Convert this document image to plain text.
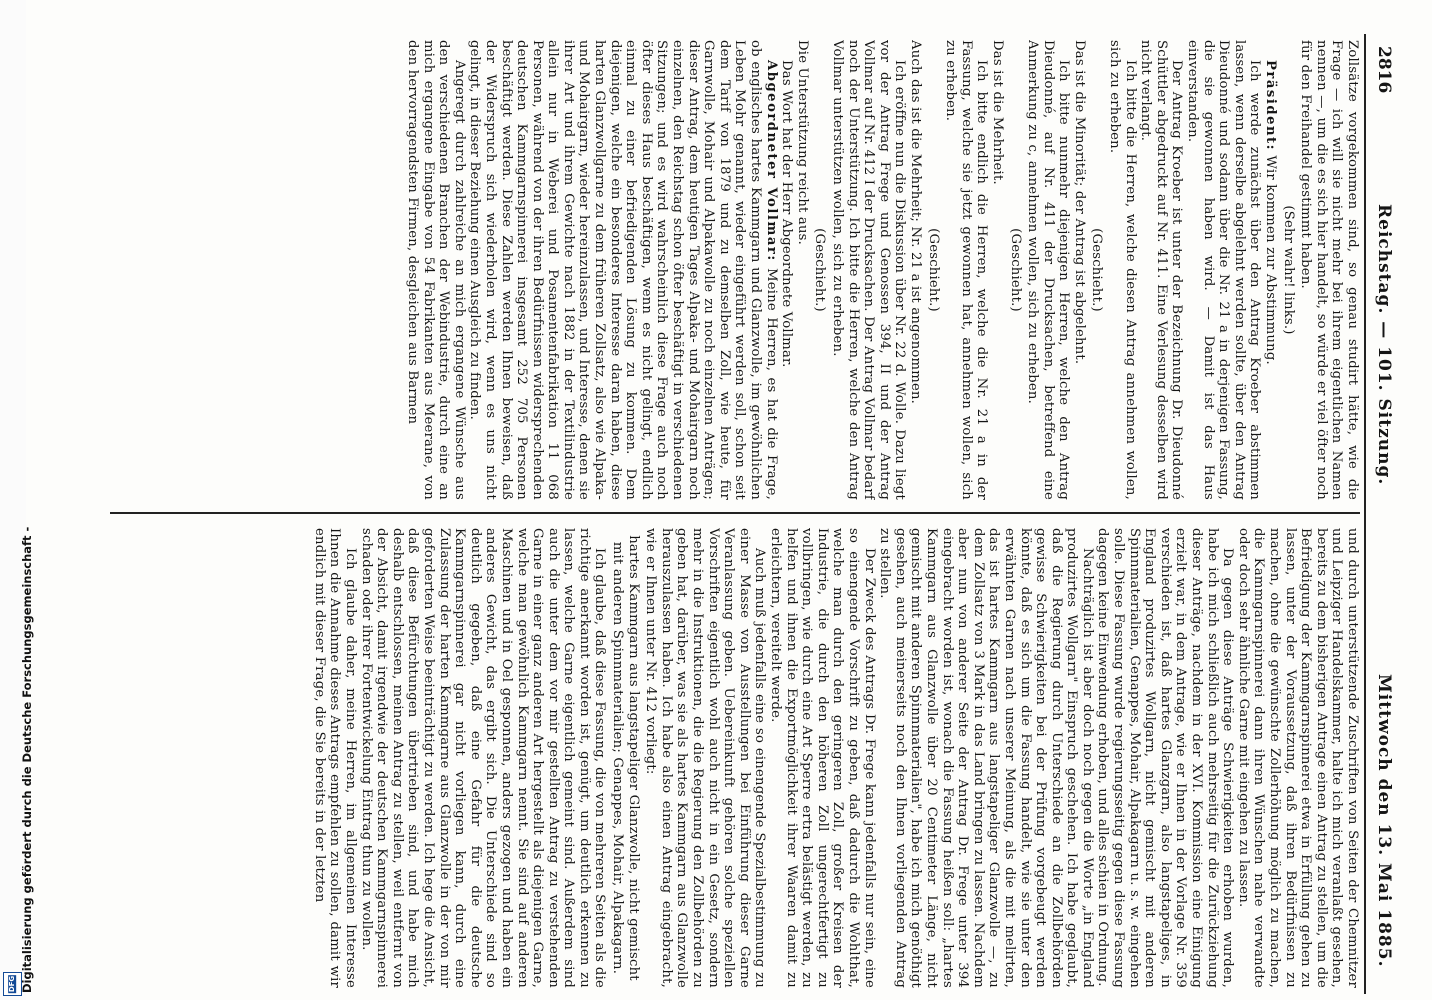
DFG Digitalisierung gefördert durch die Deutsche Forschungsgemeinschaft -
2816
Reichstag. — 101. Sitzung.
Mittwoch den 13. Mai 1885.

Zollsätze vorgekommen sind, so genau studirt hätte, wie die Frage — ich will sie nicht mehr bei ihrem eigentlichen Namen nennen —, um die es sich hier handelt, so würde er viel öfter noch für den Freihandel gestimmt haben.

(Sehr wahr! links.)

Präsident: Wir kommen zur Abstimmung.

Ich werde zunächst über den Antrag Kroeber abstimmen lassen, wenn derselbe abgelehnt werden sollte, über den Antrag Dieudonné und sodann über die Nr. 21 a in derjenigen Fassung, die sie gewonnen haben wird. — Damit ist das Haus einverstanden.

Der Antrag Kroeber ist unter der Bezeichnung Dr. Dieudonné Schüttler abgedruckt auf Nr. 411. Eine Verlesung desselben wird nicht verlangt.

Ich bitte die Herren, welche diesen Antrag annehmen wollen, sich zu erheben.

(Geschieht.)

Das ist die Minorität; der Antrag ist abgelehnt.

Ich bitte nunmehr diejenigen Herren, welche den Antrag Dieudonné, auf Nr. 411 der Drucksachen, betreffend eine Anmerkung zu c, annehmen wollen, sich zu erheben.

(Geschieht.)

Das ist die Mehrheit.

Ich bitte endlich die Herren, welche die Nr. 21 a in der Fassung, welche sie jetzt gewonnen hat, annehmen wollen, sich zu erheben.

(Geschieht.)

Auch das ist die Mehrheit; Nr. 21 a ist angenommen.

Ich eröffne nun die Diskussion über Nr. 22 d. Wolle. Dazu liegt vor der Antrag Frege und Genossen 394, II und der Antrag Vollmar auf Nr. 412 I der Drucksachen. Der Antrag Vollmar bedarf noch der Unterstützung. Ich bitte die Herren, welche den Antrag Vollmar unterstützen wollen, sich zu erheben.

(Geschieht.)

Die Unterstützung reicht aus.

Das Wort hat der Herr Abgeordnete Vollmar.

Abgeordneter Vollmar: Meine Herren, es hat die Frage, ob englisches hartes Kammgarn und Glanzwolle, im gewöhnlichen Leben Mohr genannt, wieder eingeführt werden soll, schon seit dem Tarif von 1879 und zu demselben Zoll, wie heute, für Garnwolle, Mohair und Alpakawolle zu noch einzelnen Anträgen; dieser Antrag, dem heutigen Tages Alpaka- und Mohairgarn noch einzelnen, den Reichstag schon öfter beschäftigt in verschiedenen Sitzungen; und es wird wahrscheinlich diese Frage auch noch öfter dieses Haus beschäftigen, wenn es nicht gelingt, endlich einmal zu einer befriedigenden Lösung zu kommen. Dem diejenigen, welche ein besonderes Interesse daran haben, diese harten Glanzwollgarne zu dem früheren Zollsatz, also wie Alpaka- und Mohairgarn, wieder hereinzulassen, und Interesse, denen sie ihrer Art und ihrem Gewichte nach 1882 in der Textilindustrie allein nur in Weberei und Posamentenfabrikation 11 068 Personen, während von der ihren Bedürfnissen widersprechenden deutschen Kammgarnspinnerei insgesamt 252 705 Personen beschäftigt werden. Diese Zahlen werden Ihnen beweisen, daß der Widerspruch sich wiederholen wird, wenn es uns nicht gelingt, in dieser Beziehung einen Ausgleich zu finden.

Angeregt durch zahlreiche an mich ergangene Wünsche aus den verschiedenen Branchen der Webindustrie, durch eine an mich ergangene Eingabe von 54 Fabrikanten aus Meerane, von den hervorragendsten Firmen, desgleichen aus Barmen

und durch unterstützende Zuschriften von Seiten der Chemnitzer und Leipziger Handelskammer, halte ich mich veranlaßt gesehen, bereits zu dem bisherigen Antrage einen Antrag zu stellen, um die Befriedigung der Kammgarnspinnerei etwa in Erfüllung gehen zu lassen, unter der Voraussetzung, daß ihren Bedürfnissen zu machen, ohne die gewünschte Zollerhöhung möglich zu machen, die Kammgarnspinnerei dann ihren Wünschen nahe verwandte oder doch sehr ähnliche Garne mit eingehen zu lassen.

Da gegen diese Anträge Schwierigkeiten erhoben wurden, habe ich mich schließlich auch mehrseitig für die Zurückziehung dieser Anträge, nachdem in der XVI. Kommission eine Einigung erzielt war, in dem Antrage, wie er Ihnen in der Vorlage Nr. 359 verschieden ist, daß hartes Glanzgarn, also langstapeliges, in England produzirtes Wollgarn, nicht gemischt mit anderen Spinnmaterialien, Genappes, Mohair, Alpakagarn u. s. w. eingehen solle. Diese Fassung wurde regierungsseitig gegen diese Fassung dagegen keine Einwendung erhoben, und alles schien in Ordnung.

Nachträglich ist aber doch noch gegen die Worte „in England produzirtes Wollgarn" Einspruch geschehen. Ich habe geglaubt, daß die Regierung durch Unterschiede an die Zollbehörden gewisse Schwierigkeiten bei der Prüfung vorgebeugt werden könnte, daß es sich um die Fassung handelt, wie sie unter den erwähnten Garnen nach unserer Meinung, als die mit melirten, das ist hartes Kammgarn aus langstapeliger Glanzwolle —, zu dem Zollsatz von 3 Mark in das Land bringen zu lassen. Nachdem aber nun von anderer Seite der Antrag Dr. Frege unter 394 eingebracht worden ist, wonach die Fassung heißen soll: „hartes Kammgarn aus Glanzwolle über 20 Centimeter Länge, nicht gemischt mit anderen Spinnmaterialien", habe ich mich genöthigt gesehen, auch meinerseits noch den Ihnen vorliegenden Antrag zu stellen.

Der Zweck des Antrags Dr. Frege kann jedenfalls nur sein, eine so einengende Vorschrift zu geben, daß dadurch die Wohlthat, welche man durch den geringeren Zoll, großer Kreisen der Industrie, die durch den höheren Zoll ungerechtfertigt zu vollbringen, wie durch eine Art Sperre ertra belästigt werden, zu helfen und ihnen die Exportmöglichkeit ihrer Waaren damit zu erleichtern, vereitelt werde.

Auch muß jedenfalls eine so einengende Spezialbestimmung zu einer Masse von Ausstellungen bei Einführung dieser Garne Veranlassung geben. Uebereinkunft gehören solche speziellen Vorschriften eigentlich wohl auch nicht in ein Gesetz, sondern mehr in die Instruktionen, die die Regierung den Zollbehörden zu geben hat, darüber, was sie als hartes Kammgarn aus Glanzwolle herauszulassen haben. Ich habe also einen Antrag eingebracht, wie er Ihnen unter Nr. 412 vorliegt:

hartes Kammgarn aus langstapeliger Glanzwolle, nicht gemischt mit anderen Spinnmaterialien; Genappes, Mohair, Alpakagarn.

Ich glaube, daß diese Fassung, die von mehreren Seiten als die richtige anerkannt worden ist, genügt, um deutlich erkennen zu lassen, welche Garne eigentlich gemeint sind. Außerdem sind auch die unter dem vor mir gestellten Antrag zu verstehenden Garne in einer ganz anderen Art hergestellt als diejenigen Garne, welche man gewöhnlich Kammgarn nennt. Sie sind auf anderen Maschinen und in Oel gesponnen, anders gezogen und haben ein anderes Gewicht, das ergibt sich. Die Unterschiede sind so deutlich gegeben, daß eine Gefahr für die deutsche Kammgarnspinnerei gar nicht vorliegen kann, durch eine Zulassung der harten Kammgarne aus Glanzwolle in der von mir geforderten Weise beeinträchtigt zu werden. Ich hege die Ansicht, daß diese Befürchtungen übertrieben sind, und habe mich deshalb entschlossen, meinen Antrag zu stellen, weil entfernt von der Absicht, damit irgendwie der deutschen Kammgarnspinnerei schaden oder ihrer Fortentwickelung Eintrag thun zu wollen.

Ich glaube daher, meine Herren, im allgemeinen Interesse Ihnen die Annahme dieses Antrags empfehlen zu sollen, damit wir endlich mit dieser Frage, die Sie bereits in der letzten
